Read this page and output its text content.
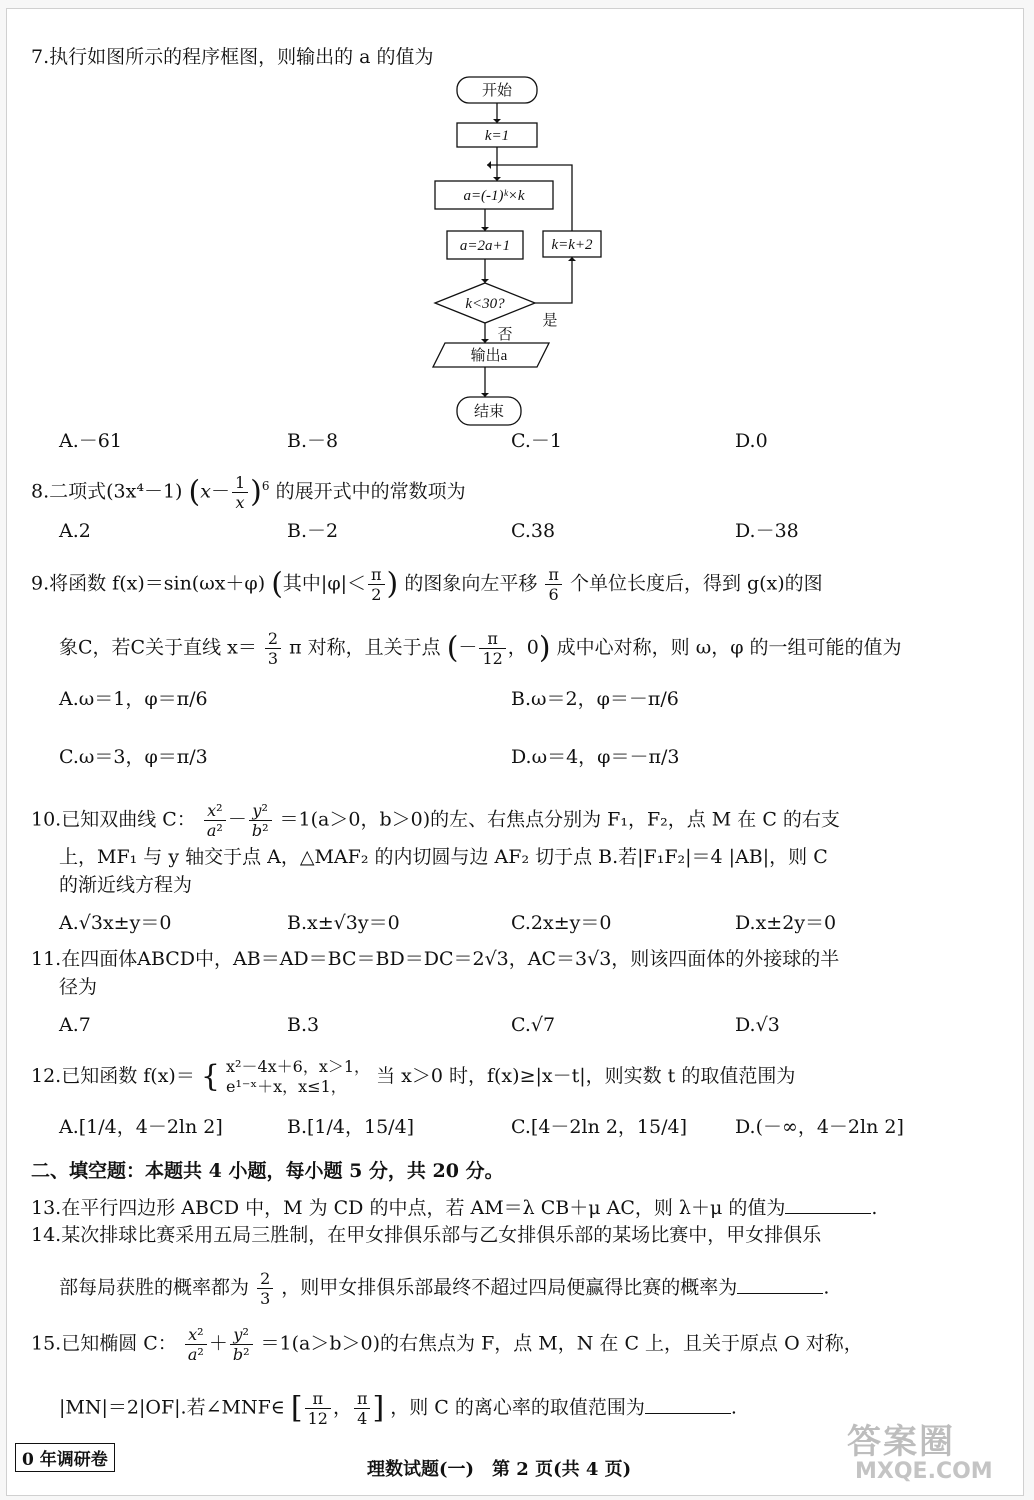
7.执行如图所示的程序框图，则输出的 a 的值为
开始
k=1
a=(-1)ᵏ×k
a=2a+1
k<30?
k=k+2
是
否
输出a
结束
A.－61	B.－8	C.－1	D.0
8.二项式(3x⁴－1) $(x- \frac{1}{x} )^6$ 的展开式中的常数项为
A.2	B.－2	C.38	D.－38
9.将函数 f(x)＝sin(ωx＋φ) (其中$|\varphi|< \frac{\pi}{2}$ ) 的图象向左平移 $\frac{\pi}{6}$ 个单位长度后，得到 g(x)的图
象C，若C关于直线 $x= \frac{2}{3}$ π 对称，且关于点 (－ $\frac{\pi}{12}$ ，0) 成中心对称，则 ω，φ 的一组可能的值为
A.ω＝1，φ＝π/6	B.ω＝2，φ＝－π/6
C.ω＝3，φ＝π/3	D.ω＝4，φ＝－π/3
10.已知双曲线 C： $\frac{\text{x²}}{\text{a²}} - \frac{\text{y²}}{\text{b²}} =1(a>0$，b＞0)的左、右焦点分别为 F₁，F₂，点 M 在 C 的右支
上，MF₁ 与 y 轴交于点 A，△MAF₂ 的内切圆与边 AF₂ 切于点 B.若|F₁F₂|＝4 |AB|，则 C
的渐近线方程为
A.√3x±y＝0	B.x±√3y＝0	C.2x±y＝0	D.x±2y＝0
11.在四面体ABCD中，AB＝AD＝BC＝BD＝DC＝2√3，AC＝3√3，则该四面体的外接球的半
径为
A.7	B.3	C.√7	D.√3
12.已知函数 f(x)＝ { x²－4x＋6，x＞1，
e¹⁻ˣ＋x，x≤1，	当 x＞0 时，f(x)≥|x－t|，则实数 t 的取值范围为
A.[1/4，4－2ln 2]	B.[1/4，15/4]	C.[4－2ln 2，15/4]	D.(－∞，4－2ln 2]
二、填空题：本题共 4 小题，每小题 5 分，共 20 分。
13.在平行四边形 ABCD 中，M 为 CD 的中点，若 AM＝λ CB＋μ AC，则 λ＋μ 的值为	.
14.某次排球比赛采用五局三胜制，在甲女排俱乐部与乙女排俱乐部的某场比赛中，甲女排俱乐
部每局获胜的概率都为 $\frac{2}{3}$ ，则甲女排俱乐部最终不超过四局便赢得比赛的概率为	.
15.已知椭圆 C： $\frac{\text{x²}}{\text{a²}} + \frac{\text{y²}}{\text{b²}} =1(a>b>0)$的右焦点为 F，点 M，N 在 C 上，且关于原点 O 对称，
|MN|＝2|OF|.若∠MNF∈ [ $\frac{\pi}{12}$ ， $\frac{\pi}{4}$ ] ，则 C 的离心率的取值范围为	.
0 年调研卷	理数试题(一)　第 2 页(共 4 页)
答案圈
MXQE.COM
